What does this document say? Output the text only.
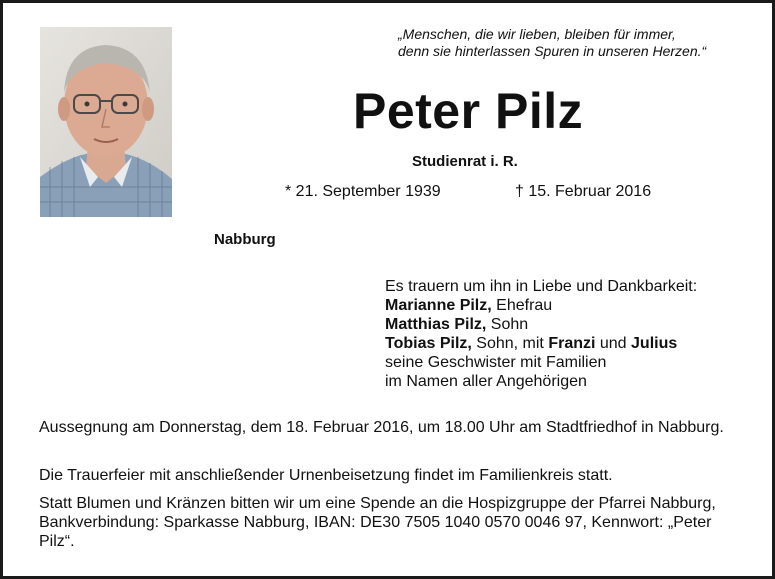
„Menschen, die wir lieben, bleiben für immer,
denn sie hinterlassen Spuren in unseren Herzen.“
Peter Pilz
Studienrat i. R.
* 21. September 1939	† 15. Februar 2016
Nabburg
Es trauern um ihn in Liebe und Dankbarkeit:
Marianne Pilz, Ehefrau
Matthias Pilz, Sohn
Tobias Pilz, Sohn, mit Franzi und Julius
seine Geschwister mit Familien
im Namen aller Angehörigen
Aussegnung am Donnerstag, dem 18. Februar 2016, um 18.00 Uhr am Stadtfriedhof in Nabburg.
Die Trauerfeier mit anschließender Urnenbeisetzung findet im Familienkreis statt.
Statt Blumen und Kränzen bitten wir um eine Spende an die Hospizgruppe der Pfarrei Nabburg, Bankverbindung: Sparkasse Nabburg, IBAN: DE30 7505 1040 0570 0046 97, Kennwort: „Peter Pilz“.
